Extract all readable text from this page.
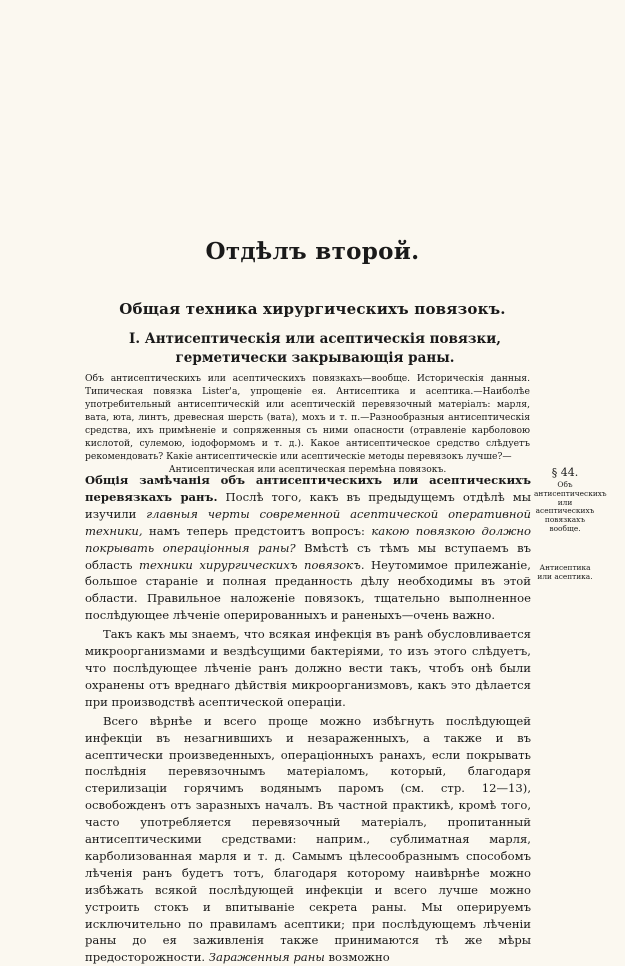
Отдѣлъ второй.
Общая техника хирургическихъ повязокъ.
I. Антисептическія или асептическія повязки, герметически закрывающія раны.
Объ антисептическихъ или асептическихъ повязкахъ—вообще. Историческія данныя. Типическая повязка Lister'а, упрощеніе ея. Антисептика и асептика.—Наиболѣе употребительный антисептическій или асептическій перевязочный матеріалъ: марля, вата, юта, линтъ, древесная шерсть (вата), мохъ и т. п.—Разнообразныя антисептическія средства, ихъ примѣненіе и сопряженныя съ ними опасности (отравленіе карболовою кислотой, сулемою, іодоформомъ и т. д.). Какое антисептическое средство слѣдуетъ рекомендовать? Какіе антисептическіе или асептическіе методы перевязокъ лучше?—
Антисептическая или асептическая перемѣна повязокъ.	§ 44.
Объ антисептическихъ или асептическихъ повязкахъ вообще.
Антисептика или асептика.

Общія замѣчанія объ антисептическихъ или асептическихъ перевязкахъ ранъ. Послѣ того, какъ въ предыдущемъ отдѣлѣ мы изучили главныя черты современной асептической оперативной техники, намъ теперь предстоитъ вопросъ: какою повязкою должно покрывать операціонныя раны? Вмѣстѣ съ тѣмъ мы вступаемъ въ область техники хирургическихъ повязокъ. Неутомимое прилежаніе, большое стараніе и полная преданность дѣлу необходимы въ этой области. Правильное наложеніе повязокъ, тщательно выполненное послѣдующее лѣченіе оперированныхъ и раненыхъ—очень важно.

Такъ какъ мы знаемъ, что всякая инфекція въ ранѣ обусловливается микроорганизмами и вездѣсущими бактеріями, то изъ этого слѣдуетъ, что послѣдующее лѣченіе ранъ должно вести такъ, чтобъ онѣ были охранены отъ вреднаго дѣйствія микроорганизмовъ, какъ это дѣлается при производствѣ асептической операціи.

Всего вѣрнѣе и всего проще можно избѣгнуть послѣдующей инфекціи въ незагнившихъ и незараженныхъ, а также и въ асептически произведенныхъ, операціонныхъ ранахъ, если покрывать послѣднія перевязочнымъ матеріаломъ, который, благодаря стерилизаціи горячимъ водянымъ паромъ (см. стр. 12—13), освобожденъ отъ заразныхъ началъ. Въ частной практикѣ, кромѣ того, часто употребляется перевязочный матеріалъ, пропитанный антисептическими средствами: наприм., сублиматная марля, карболизованная марля и т. д. Самымъ цѣлесообразнымъ способомъ лѣченія ранъ будетъ тотъ, благодаря которому наивѣрнѣе можно избѣжать всякой послѣдующей инфекціи и всего лучше можно устроить стокъ и впитываніе секрета раны. Мы оперируемъ исключительно по правиламъ асептики; при послѣдующемъ лѣченіи раны до ея заживленія также принимаются тѣ же мѣры предосторожности. Зараженныя раны возможно
